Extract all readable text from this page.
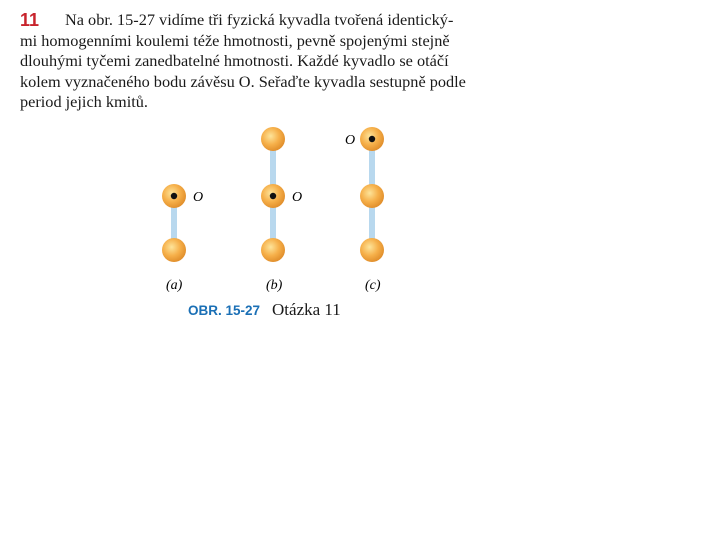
11	Na obr. 15-27 vidíme tři fyzická kyvadla tvořená identický-
mi homogenními koulemi téže hmotnosti, pevně spojenými stejně
dlouhými tyčemi zanedbatelné hmotnosti. Každé kyvadlo se otáčí
kolem vyznačeného bodu závěsu O. Seřaďte kyvadla sestupně podle
period jejich kmitů.

O
(a)
O
(b)
O
(c)
OBR. 15-27 Otázka 11
